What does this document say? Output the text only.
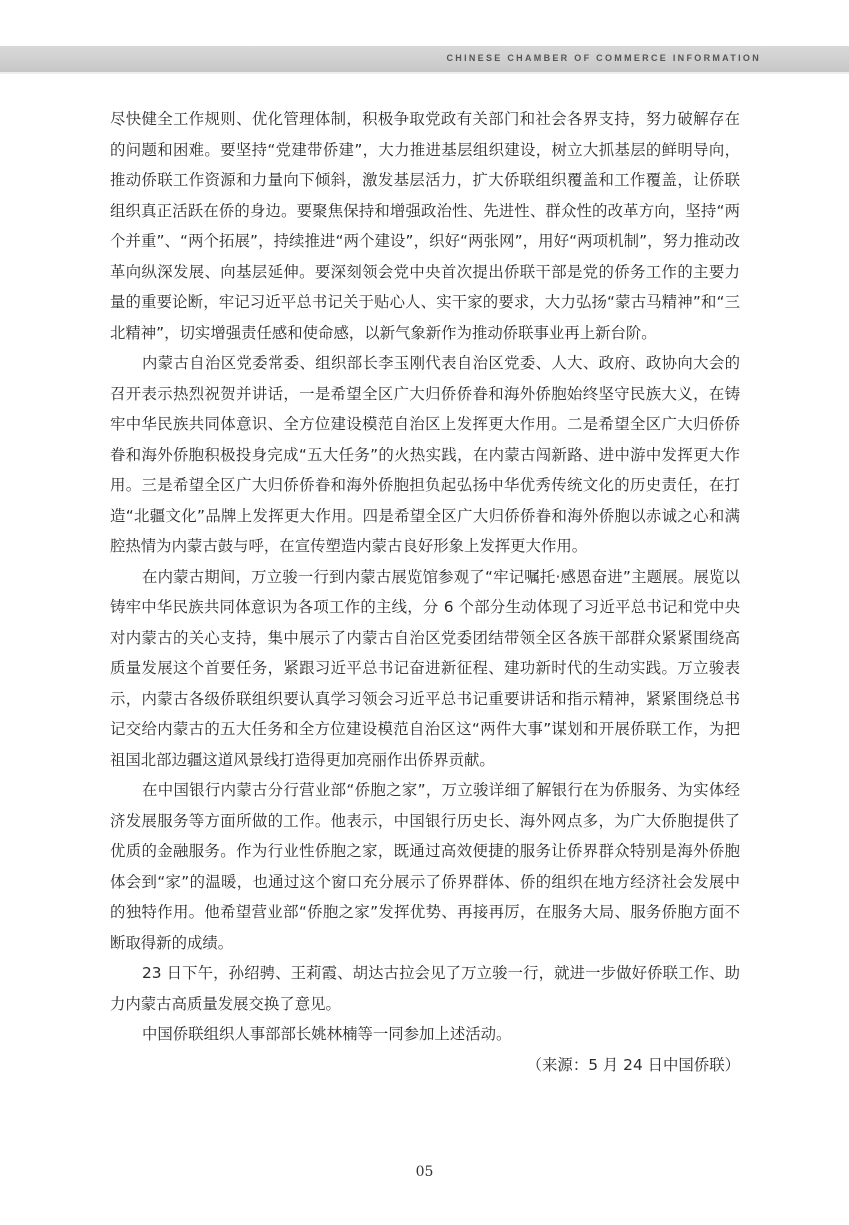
CHINESE CHAMBER OF COMMERCE INFORMATION

尽快健全工作规则、优化管理体制，积极争取党政有关部门和社会各界支持，努力破解存在的问题和困难。要坚持“党建带侨建”，大力推进基层组织建设，树立大抓基层的鲜明导向，推动侨联工作资源和力量向下倾斜，激发基层活力，扩大侨联组织覆盖和工作覆盖，让侨联组织真正活跃在侨的身边。要聚焦保持和增强政治性、先进性、群众性的改革方向，坚持“两个并重”、“两个拓展”，持续推进“两个建设”，织好“两张网”，用好“两项机制”，努力推动改革向纵深发展、向基层延伸。要深刻领会党中央首次提出侨联干部是党的侨务工作的主要力量的重要论断，牢记习近平总书记关于贴心人、实干家的要求，大力弘扬“蒙古马精神”和“三北精神”，切实增强责任感和使命感，以新气象新作为推动侨联事业再上新台阶。

内蒙古自治区党委常委、组织部长李玉刚代表自治区党委、人大、政府、政协向大会的召开表示热烈祝贺并讲话，一是希望全区广大归侨侨眷和海外侨胞始终坚守民族大义，在铸牢中华民族共同体意识、全方位建设模范自治区上发挥更大作用。二是希望全区广大归侨侨眷和海外侨胞积极投身完成“五大任务”的火热实践，在内蒙古闯新路、进中游中发挥更大作用。三是希望全区广大归侨侨眷和海外侨胞担负起弘扬中华优秀传统文化的历史责任，在打造“北疆文化”品牌上发挥更大作用。四是希望全区广大归侨侨眷和海外侨胞以赤诚之心和满腔热情为内蒙古鼓与呼，在宣传塑造内蒙古良好形象上发挥更大作用。

在内蒙古期间，万立骏一行到内蒙古展览馆参观了“牢记嘱托·感恩奋进”主题展。展览以铸牢中华民族共同体意识为各项工作的主线，分 6 个部分生动体现了习近平总书记和党中央对内蒙古的关心支持，集中展示了内蒙古自治区党委团结带领全区各族干部群众紧紧围绕高质量发展这个首要任务，紧跟习近平总书记奋进新征程、建功新时代的生动实践。万立骏表示，内蒙古各级侨联组织要认真学习领会习近平总书记重要讲话和指示精神，紧紧围绕总书记交给内蒙古的五大任务和全方位建设模范自治区这“两件大事”谋划和开展侨联工作，为把祖国北部边疆这道风景线打造得更加亮丽作出侨界贡献。

在中国银行内蒙古分行营业部“侨胞之家”，万立骏详细了解银行在为侨服务、为实体经济发展服务等方面所做的工作。他表示，中国银行历史长、海外网点多，为广大侨胞提供了优质的金融服务。作为行业性侨胞之家，既通过高效便捷的服务让侨界群众特别是海外侨胞体会到“家”的温暖，也通过这个窗口充分展示了侨界群体、侨的组织在地方经济社会发展中的独特作用。他希望营业部“侨胞之家”发挥优势、再接再厉，在服务大局、服务侨胞方面不断取得新的成绩。

23 日下午，孙绍骋、王莉霞、胡达古拉会见了万立骏一行，就进一步做好侨联工作、助力内蒙古高质量发展交换了意见。

中国侨联组织人事部部长姚林楠等一同参加上述活动。

（来源：5 月 24 日中国侨联）

05
